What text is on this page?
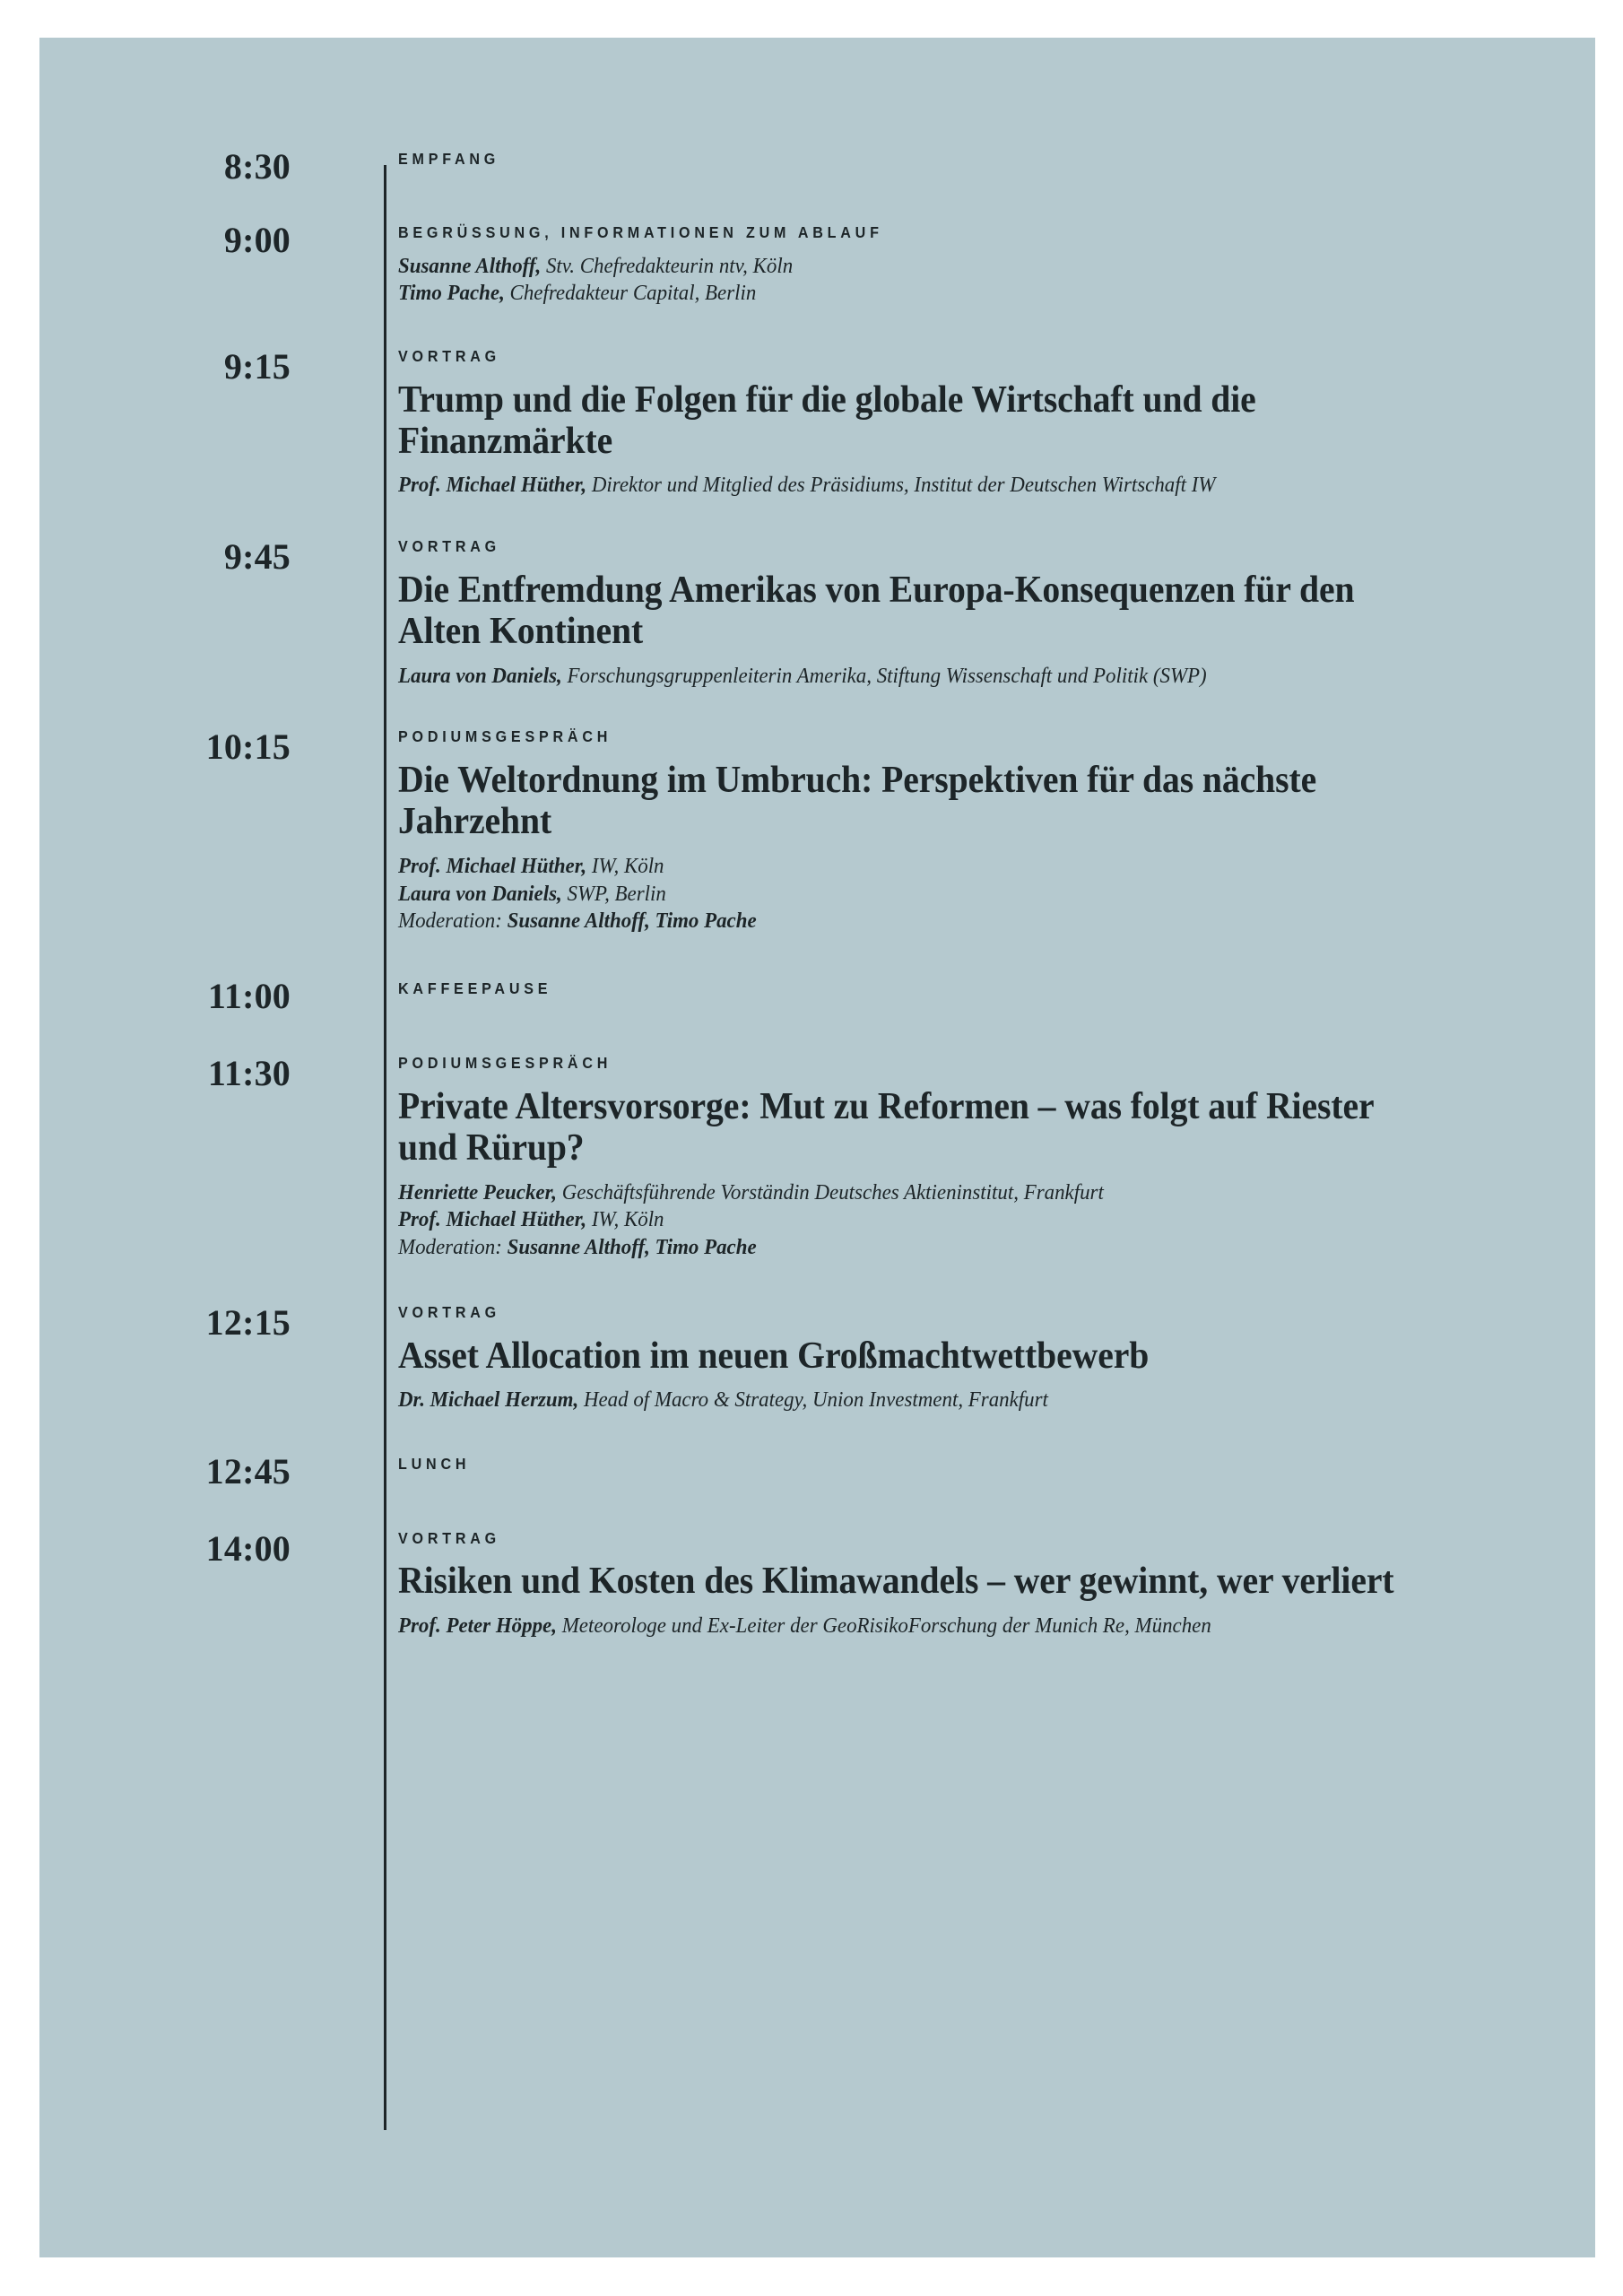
8:30	EMPFANG
9:00	BEGRÜSSUNG, INFORMATIONEN ZUM ABLAUF
Susanne Althoff, Stv. Chefredakteurin ntv, Köln
Timo Pache, Chefredakteur Capital, Berlin
9:15	VORTRAG
Trump und die Folgen für die globale Wirtschaft und die Finanzmärkte
Prof. Michael Hüther, Direktor und Mitglied des Präsidiums, Institut der Deutschen Wirtschaft IW
9:45	VORTRAG
Die Entfremdung Amerikas von Europa-Konsequenzen für den Alten Kontinent
Laura von Daniels, Forschungsgruppenleiterin Amerika, Stiftung Wissenschaft und Politik (SWP)
10:15	PODIUMSGESPRÄCH
Die Weltordnung im Umbruch: Perspektiven für das nächste Jahrzehnt
Prof. Michael Hüther, IW, Köln
Laura von Daniels, SWP, Berlin
Moderation: Susanne Althoff, Timo Pache
11:00	KAFFEEPAUSE
11:30	PODIUMSGESPRÄCH
Private Altersvorsorge: Mut zu Reformen – was folgt auf Riester und Rürup?
Henriette Peucker, Geschäftsführende Vorständin Deutsches Aktieninstitut, Frankfurt
Prof. Michael Hüther, IW, Köln
Moderation: Susanne Althoff, Timo Pache
12:15	VORTRAG
Asset Allocation im neuen Großmachtwettbewerb
Dr. Michael Herzum, Head of Macro & Strategy, Union Investment, Frankfurt
12:45	LUNCH
14:00	VORTRAG
Risiken und Kosten des Klimawandels – wer gewinnt, wer verliert
Prof. Peter Höppe, Meteorologe und Ex-Leiter der GeoRisikoForschung der Munich Re, München
